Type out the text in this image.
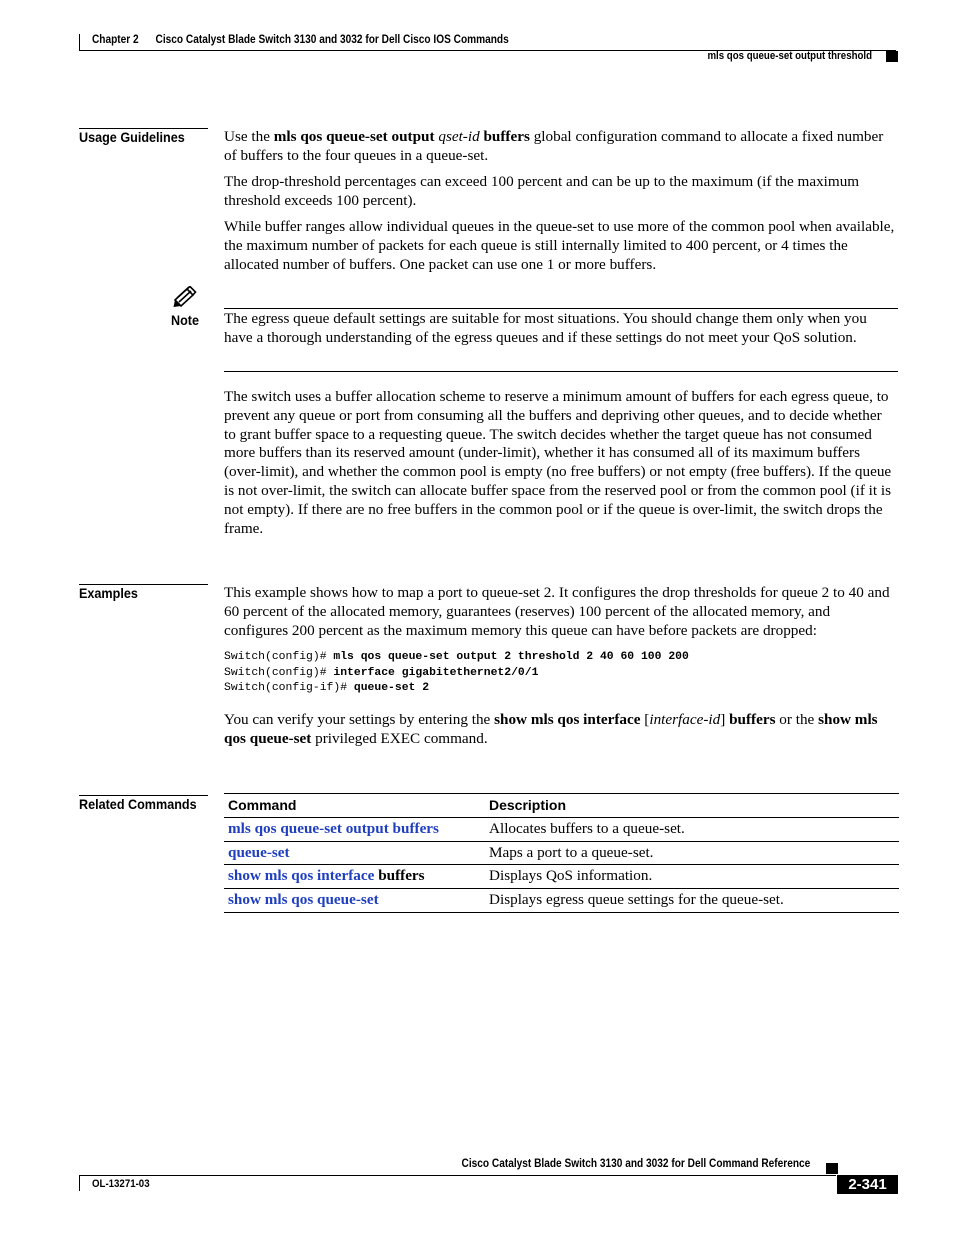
Chapter 2      Cisco Catalyst Blade Switch 3130 and 3032 for Dell Cisco IOS Commands
mls qos queue-set output threshold
Usage Guidelines	Use the mls qos queue-set output qset-id buffers global configuration command to allocate a fixed number of buffers to the four queues in a queue-set.

The drop-threshold percentages can exceed 100 percent and can be up to the maximum (if the maximum threshold exceeds 100 percent).

While buffer ranges allow individual queues in the queue-set to use more of the common pool when available, the maximum number of packets for each queue is still internally limited to 400 percent, or 4 times the allocated number of buffers. One packet can use one 1 or more buffers.

Note The egress queue default settings are suitable for most situations. You should change them only when you have a thorough understanding of the egress queues and if these settings do not meet your QoS solution.
The switch uses a buffer allocation scheme to reserve a minimum amount of buffers for each egress queue, to prevent any queue or port from consuming all the buffers and depriving other queues, and to decide whether to grant buffer space to a requesting queue. The switch decides whether the target queue has not consumed more buffers than its reserved amount (under-limit), whether it has consumed all of its maximum buffers (over-limit), and whether the common pool is empty (no free buffers) or not empty (free buffers). If the queue is not over-limit, the switch can allocate buffer space from the reserved pool or from the common pool (if it is not empty). If there are no free buffers in the common pool or if the queue is over-limit, the switch drops the frame.
Examples	This example shows how to map a port to queue-set 2. It configures the drop thresholds for queue 2 to 40 and 60 percent of the allocated memory, guarantees (reserves) 100 percent of the allocated memory, and configures 200 percent as the maximum memory this queue can have before packets are dropped:
Switch(config)# mls qos queue-set output 2 threshold 2 40 60 100 200
Switch(config)# interface gigabitethernet2/0/1
Switch(config-if)# queue-set 2
You can verify your settings by entering the show mls qos interface [interface-id] buffers or the show mls qos queue-set privileged EXEC command.
Related Commands Command	Description
mls qos queue-set output buffers	Allocates buffers to a queue-set.
queue-set	Maps a port to a queue-set.
show mls qos interface buffers	Displays QoS information.
show mls qos queue-set	Displays egress queue settings for the queue-set.
Cisco Catalyst Blade Switch 3130 and 3032 for Dell Command Reference
OL-13271-03	2-341
